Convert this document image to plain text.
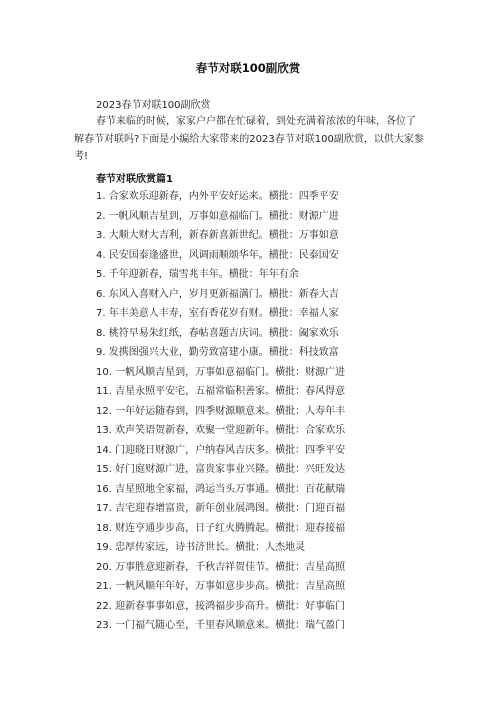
春节对联100副欣赏
2023春节对联100副欣赏
春节来临的时候，家家户户都在忙碌着，到处充满着浓浓的年味，各位了解春节对联吗?下面是小编给大家带来的2023春节对联100副欣赏，以供大家参考!
春节对联欣赏篇1
1. 合家欢乐迎新春，内外平安好运来。横批：四季平安
2. 一帆风顺吉星到，万事如意福临门。横批：财源广进
3. 大顺大财大吉利，新春新喜新世纪。横批：万事如意
4. 民安国泰逢盛世，风调雨顺颂华年。横批：民泰国安
5. 千年迎新春，瑞雪兆丰年。横批：年年有余
6. 东风入喜财入户，岁月更新福满门。横批：新春大吉
7. 年丰美意人丰寿，室有香花岁有财。横批：幸福人家
8. 桃符早易朱红纸，春帖喜题吉庆词。横批：阖家欢乐
9. 发携图强兴大业，勤劳致富建小康。横批：科技致富
10. 一帆风顺吉星到，万事如意福临门。横批：财源广进
11. 吉星永照平安宅，五福常临积善家。横批：春风得意
12. 一年好运随春到，四季财源顺意来。横批：人寿年丰
13. 欢声笑语贺新春，欢聚一堂迎新年。横批：合家欢乐
14. 门迎晓日财源广，户纳春风吉庆多。横批：四季平安
15. 好门庭财源广进，富贵家事业兴隆。横批：兴旺发达
16. 吉星照地全家福，鸿运当头万事通。横批：百花献瑞
17. 吉宅迎春增富贵，新年创业展鸿图。横批：门迎百福
18. 财连亨通步步高，日子红火腾腾起。横批：迎春接福
19. 忠厚传家远，诗书济世长。横批：人杰地灵
20. 万事胜意迎新春，千秋吉祥贺佳节。横批：吉星高照
21. 一帆风顺年年好，万事如意步步高。横批：吉星高照
22. 迎新春事事如意，接鸿福步步高升。横批：好事临门
23. 一门福气随心至，千里春风顺意来。横批：瑞气盈门
